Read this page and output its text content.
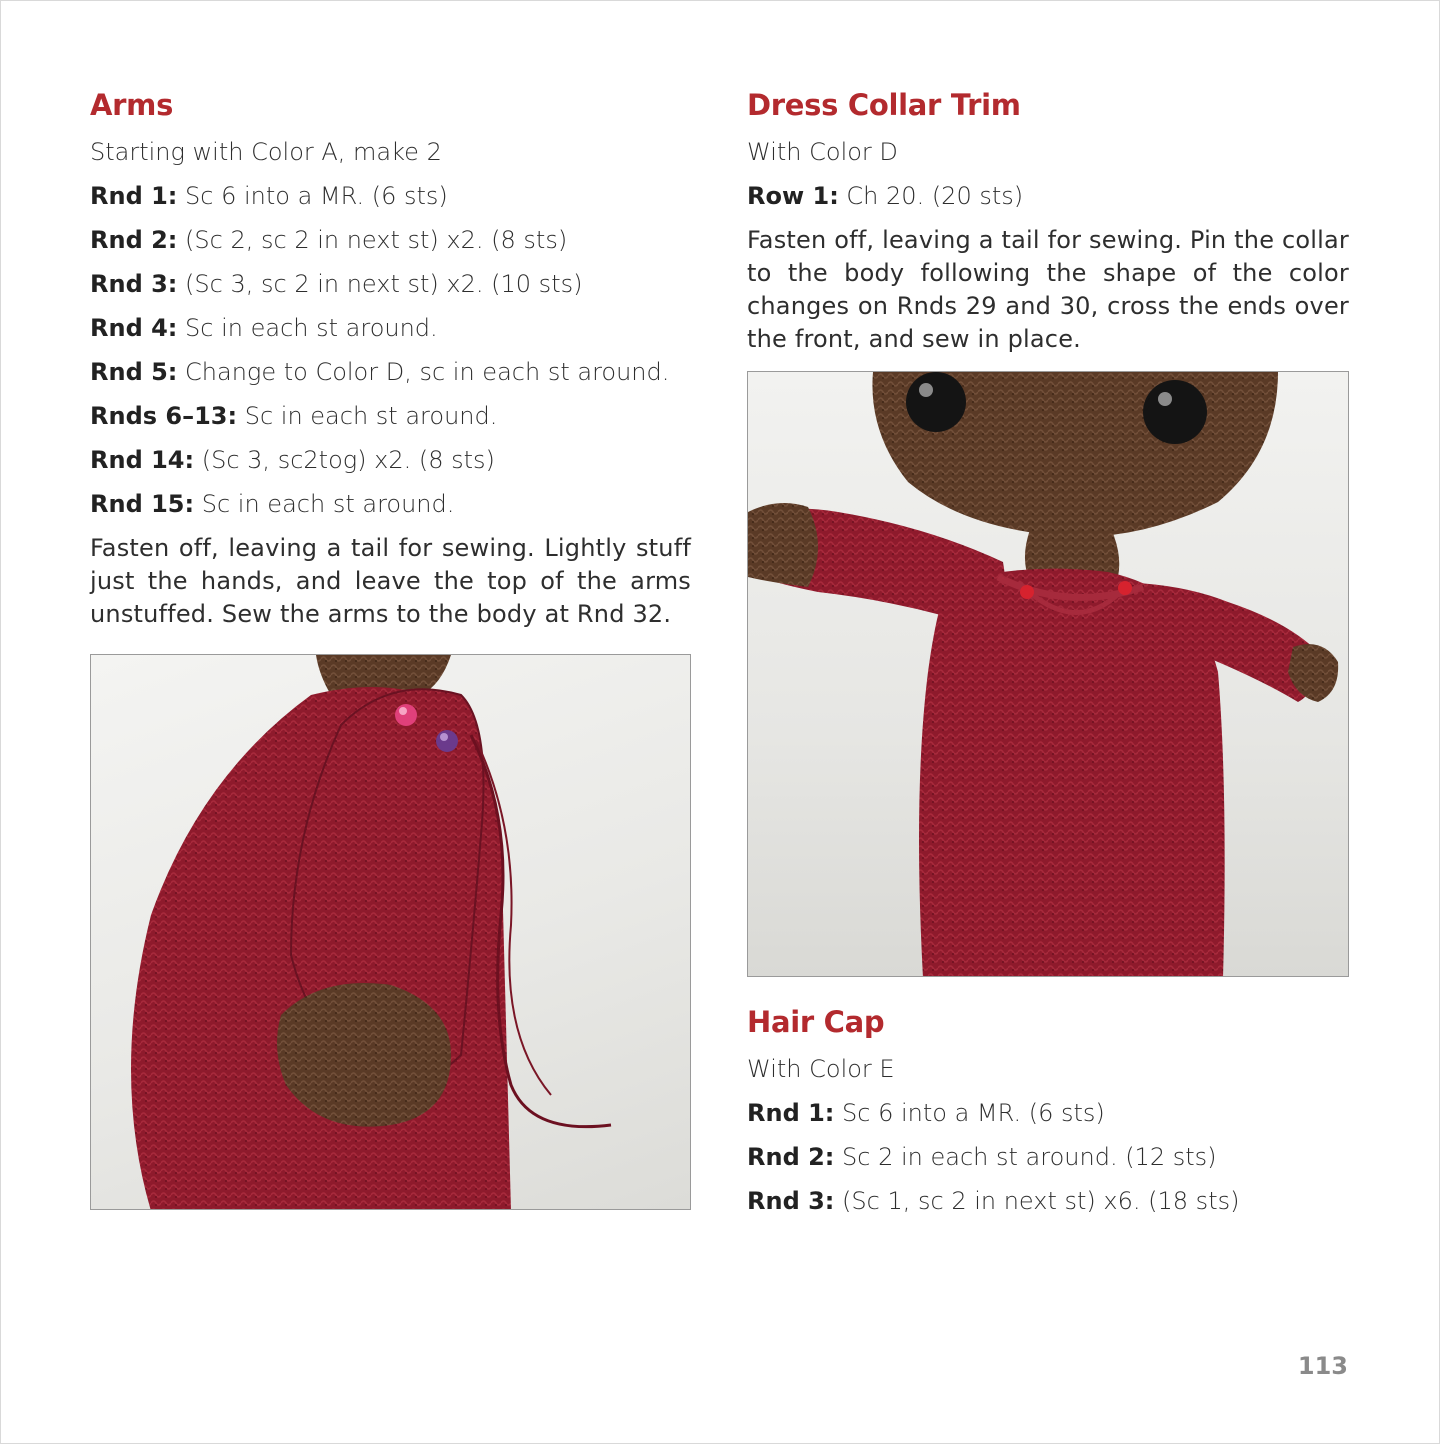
Arms

Starting with Color A, make 2

Rnd 1: Sc 6 into a MR. (6 sts)

Rnd 2: (Sc 2, sc 2 in next st) x2. (8 sts)

Rnd 3: (Sc 3, sc 2 in next st) x2. (10 sts)

Rnd 4: Sc in each st around.

Rnd 5: Change to Color D, sc in each st around.

Rnds 6–13: Sc in each st around.

Rnd 14: (Sc 3, sc2tog) x2. (8 sts)

Rnd 15: Sc in each st around.

Fasten off, leaving a tail for sewing. Lightly stuff just the hands, and leave the top of the arms unstuffed. Sew the arms to the body at Rnd 32.

Dress Collar Trim

With Color D

Row 1: Ch 20. (20 sts)

Fasten off, leaving a tail for sewing. Pin the collar to the body following the shape of the color changes on Rnds 29 and 30, cross the ends over the front, and sew in place.

Hair Cap

With Color E

Rnd 1: Sc 6 into a MR. (6 sts)

Rnd 2: Sc 2 in each st around. (12 sts)

Rnd 3: (Sc 1, sc 2 in next st) x6. (18 sts)

113
